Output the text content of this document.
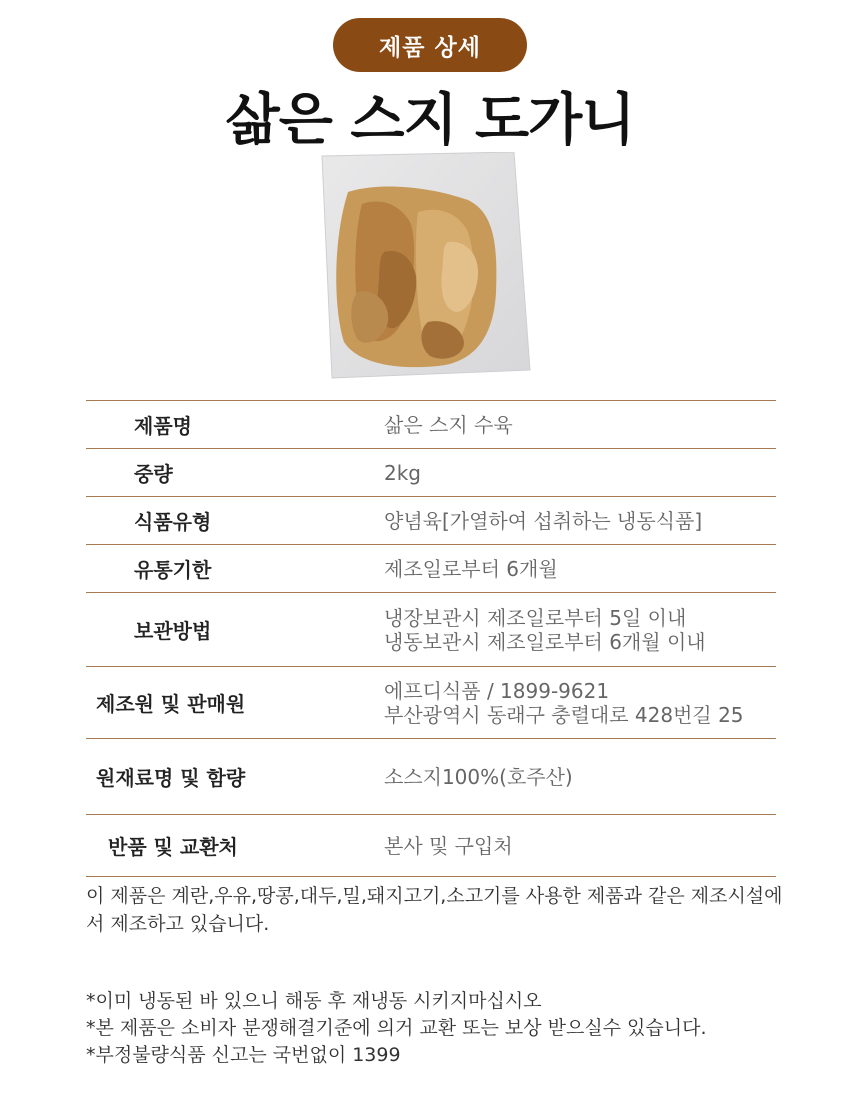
제품 상세
삶은 스지 도가니
제품명	삶은 스지 수육

중량	2kg

식품유형	양념육[가열하여 섭취하는 냉동식품]

유통기한	제조일로부터 6개월

보관방법	냉장보관시 제조일로부터 5일 이내
냉동보관시 제조일로부터 6개월 이내

제조원 및 판매원	에프디식품 / 1899-9621
부산광역시 동래구 충렬대로 428번길 25

원재료명 및 함량	소스지100%(호주산)

반품 및 교환처	본사 및 구입처
이 제품은 계란,우유,땅콩,대두,밀,돼지고기,소고기를 사용한 제품과 같은 제조시설에서 제조하고 있습니다.
*이미 냉동된 바 있으니 해동 후 재냉동 시키지마십시오
*본 제품은 소비자 분쟁해결기준에 의거 교환 또는 보상 받으실수 있습니다.
*부정불량식품 신고는 국번없이 1399
